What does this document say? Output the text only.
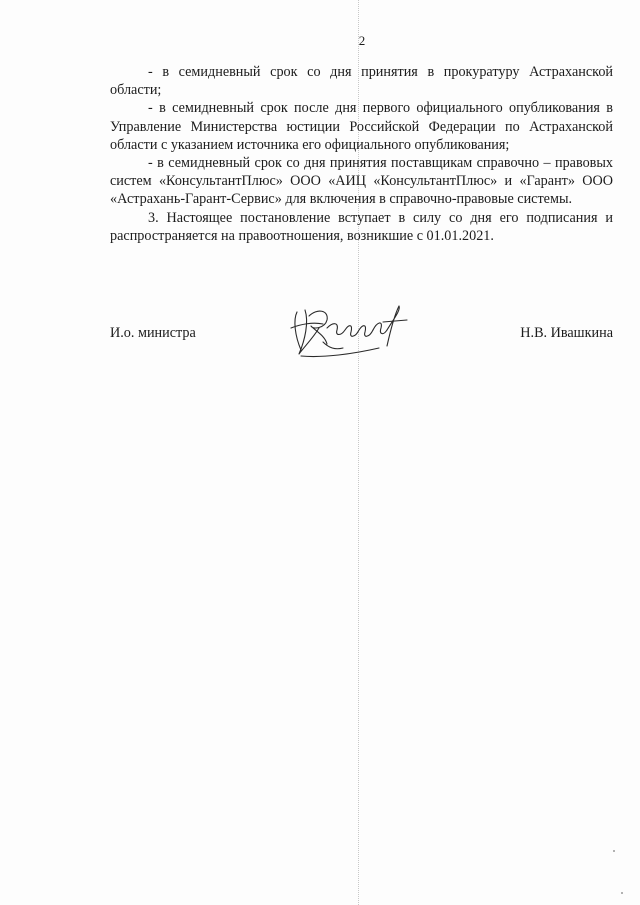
2

- в семидневный срок со дня принятия в прокуратуру Астраханской области;

- в семидневный срок после дня первого официального опубликования в Управление Министерства юстиции Российской Федерации по Астраханской области с указанием источника его официального опубликования;

- в семидневный срок со дня принятия поставщикам справочно – правовых систем «КонсультантПлюс» ООО «АИЦ «КонсультантПлюс» и «Гарант» ООО «Астрахань-Гарант-Сервис» для включения в справочно-правовые системы.

3. Настоящее постановление вступает в силу со дня его подписания и распространяется на правоотношения, возникшие с 01.01.2021.

И.о. министра	Н.В. Ивашкина
